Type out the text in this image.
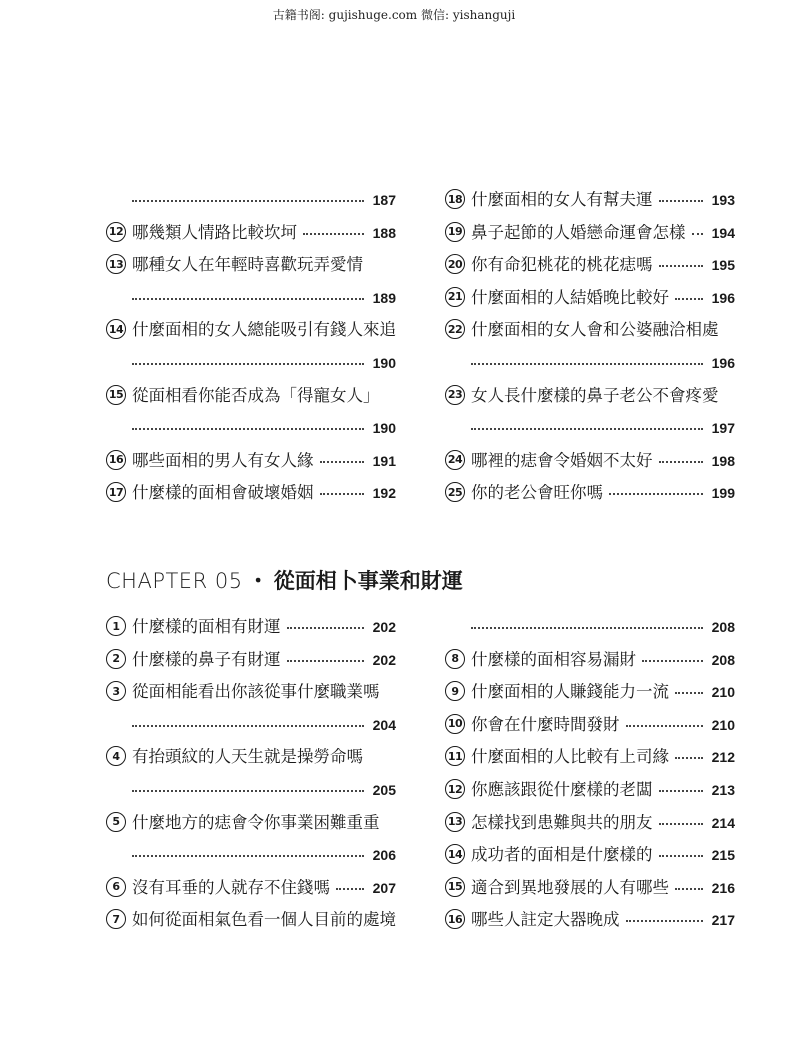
古籍书阁: gujishuge.com 微信: yishanguji
187
12 哪幾類人情路比較坎坷	188
13 哪種女人在年輕時喜歡玩弄愛情
189
14 什麼面相的女人總能吸引有錢人來追
190
15 從面相看你能否成為「得寵女人」
190
16 哪些面相的男人有女人緣	191
17 什麼樣的面相會破壞婚姻	192
18 什麼面相的女人有幫夫運	193
19 鼻子起節的人婚戀命運會怎樣 194
20 你有命犯桃花的桃花痣嗎	195
21 什麼面相的人結婚晚比較好	196
22 什麼面相的女人會和公婆融洽相處
196
23 女人長什麼樣的鼻子老公不會疼愛
197
24 哪裡的痣會令婚姻不太好	198
25 你的老公會旺你嗎	199
CHAPTER 05 ・ 從面相卜事業和財運
1 什麼樣的面相有財運	202
2 什麼樣的鼻子有財運	202
3 從面相能看出你該從事什麼職業嗎
204
4 有抬頭紋的人天生就是操勞命嗎
205
5 什麼地方的痣會令你事業困難重重
206
6 沒有耳垂的人就存不住錢嗎	207
7 如何從面相氣色看一個人目前的處境
208
8 什麼樣的面相容易漏財	208
9 什麼面相的人賺錢能力一流	210
10 你會在什麼時間發財	210
11 什麼面相的人比較有上司緣	212
12 你應該跟從什麼樣的老闆	213
13 怎樣找到患難與共的朋友	214
14 成功者的面相是什麼樣的	215
15 適合到異地發展的人有哪些	216
16 哪些人註定大器晚成	217
